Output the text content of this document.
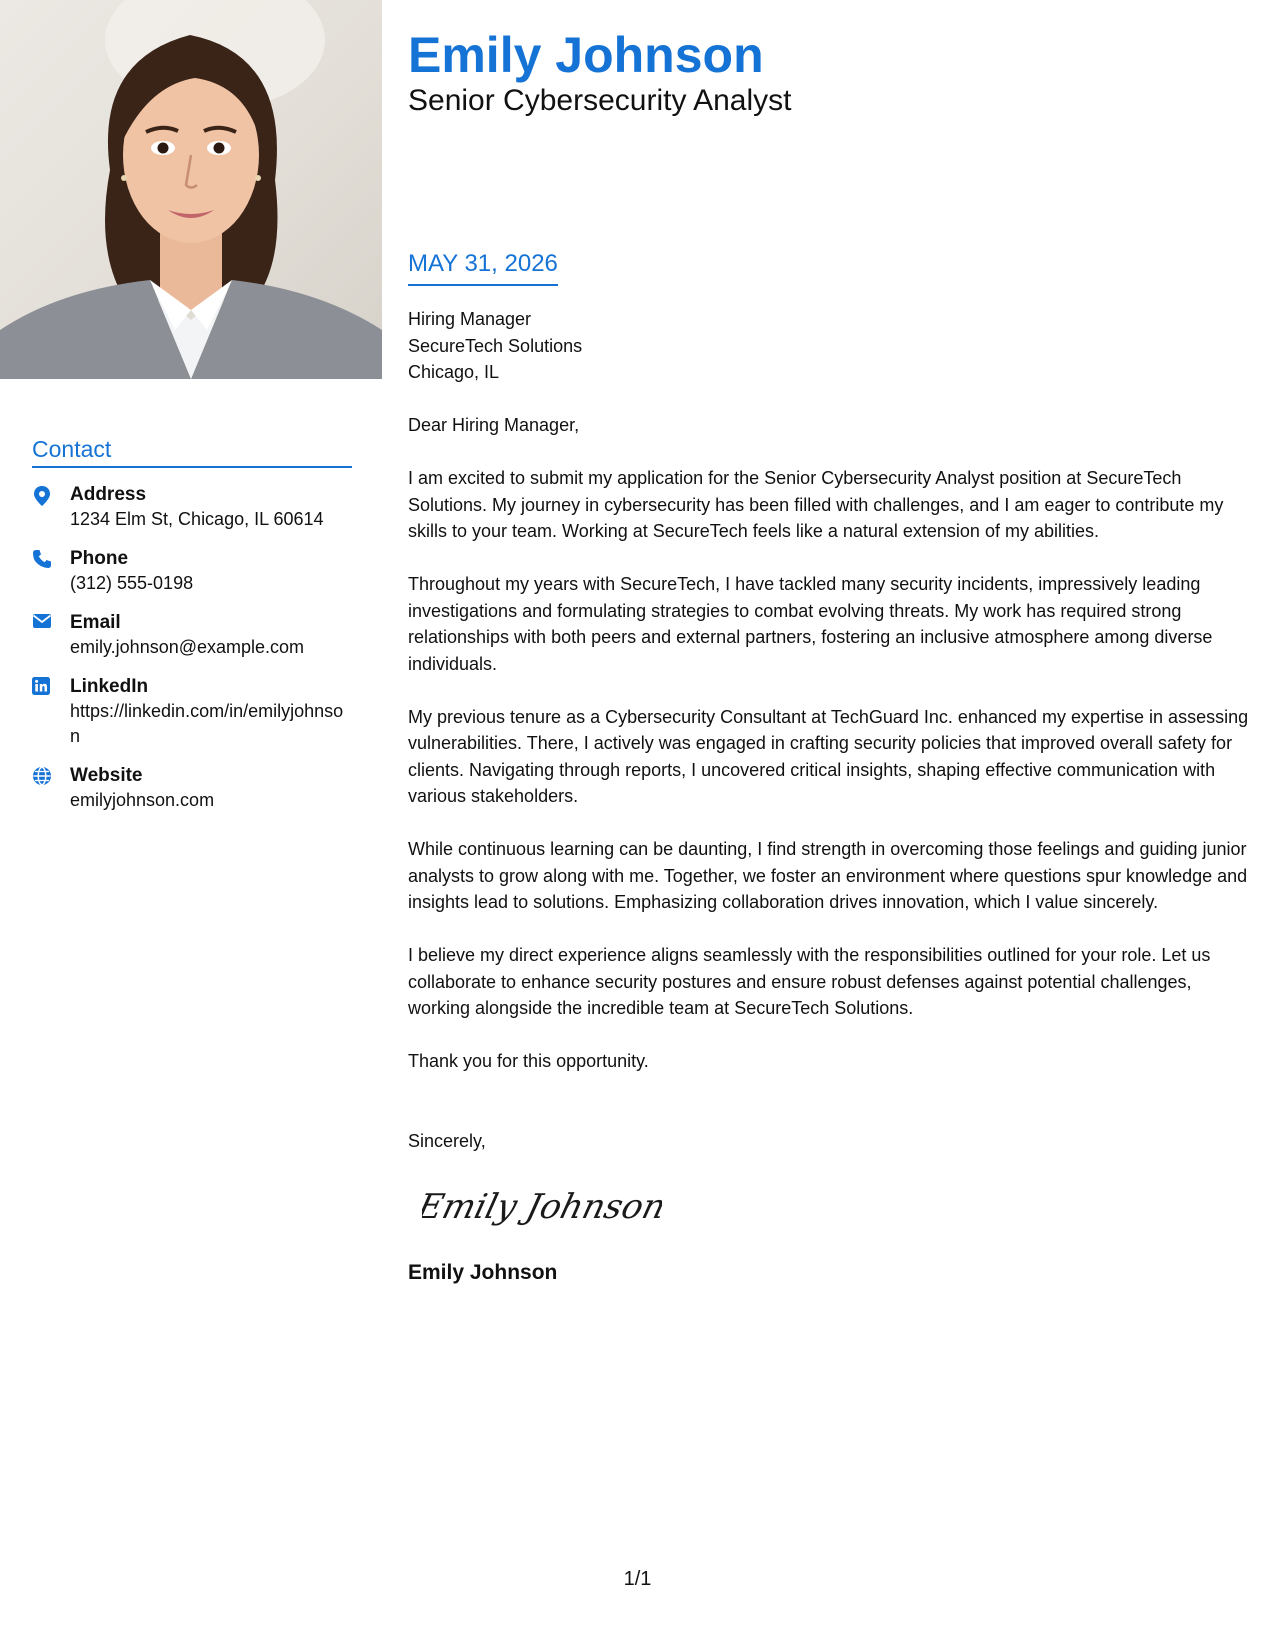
Contact
Address
1234 Elm St, Chicago, IL 60614
Phone
(312) 555-0198
Email
emily.johnson@example.com
LinkedIn
https://linkedin.com/in/emilyjohnson
Website
emilyjohnson.com
Emily Johnson
Senior Cybersecurity Analyst
MAY 31, 2026
Hiring Manager
SecureTech Solutions
Chicago, IL
Dear Hiring Manager,
I am excited to submit my application for the Senior Cybersecurity Analyst position at SecureTech Solutions. My journey in cybersecurity has been filled with challenges, and I am eager to contribute my skills to your team. Working at SecureTech feels like a natural extension of my abilities.
Throughout my years with SecureTech, I have tackled many security incidents, impressively leading investigations and formulating strategies to combat evolving threats. My work has required strong relationships with both peers and external partners, fostering an inclusive atmosphere among diverse individuals.
My previous tenure as a Cybersecurity Consultant at TechGuard Inc. enhanced my expertise in assessing vulnerabilities. There, I actively was engaged in crafting security policies that improved overall safety for clients. Navigating through reports, I uncovered critical insights, shaping effective communication with various stakeholders.
While continuous learning can be daunting, I find strength in overcoming those feelings and guiding junior analysts to grow along with me. Together, we foster an environment where questions spur knowledge and insights lead to solutions. Emphasizing collaboration drives innovation, which I value sincerely.
I believe my direct experience aligns seamlessly with the responsibilities outlined for your role. Let us collaborate to enhance security postures and ensure robust defenses against potential challenges, working alongside the incredible team at SecureTech Solutions.
Thank you for this opportunity.
Sincerely,
Emily Johnson
Emily Johnson
1/1
